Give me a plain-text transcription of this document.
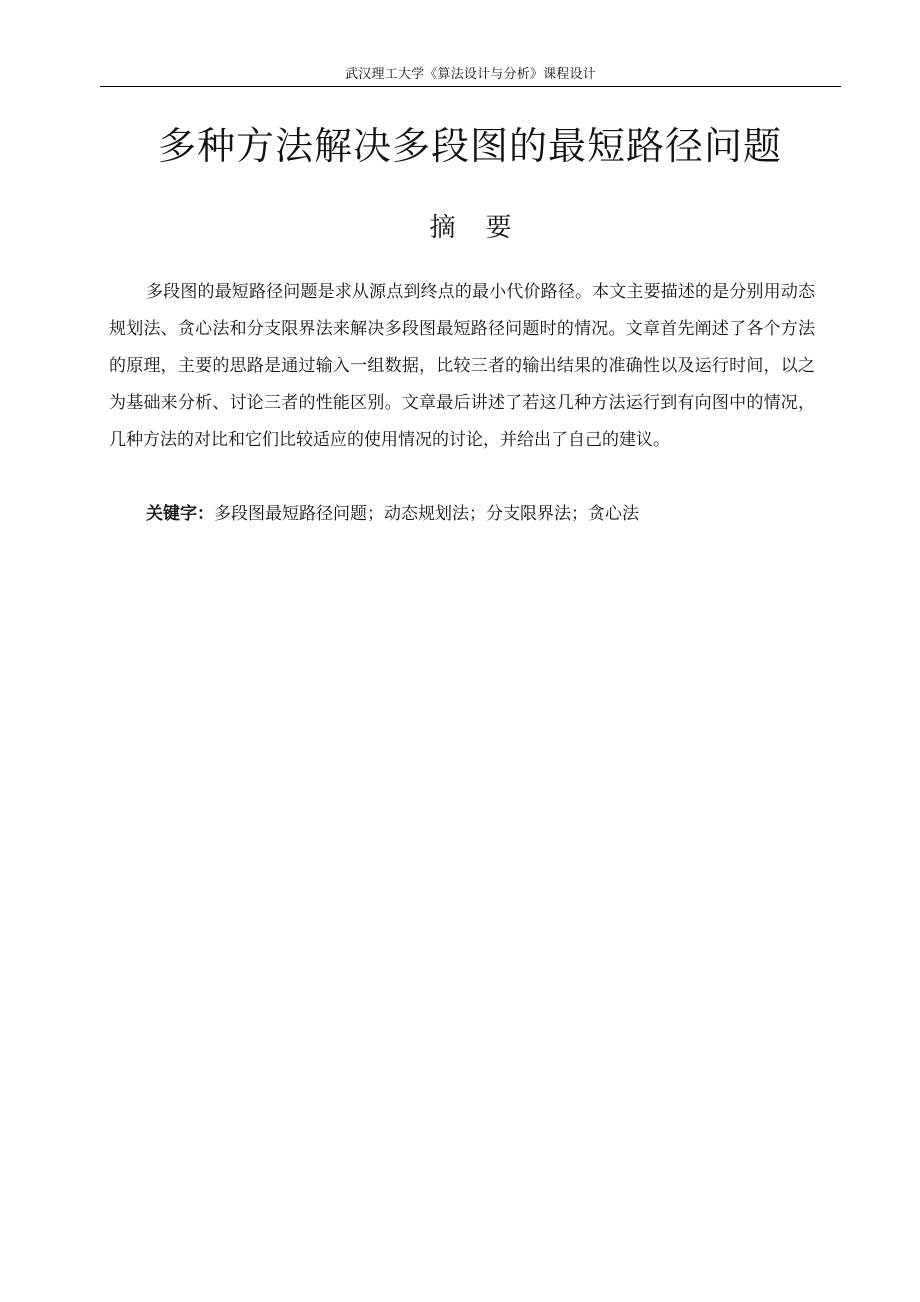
武汉理工大学《算法设计与分析》课程设计
多种方法解决多段图的最短路径问题
摘 要

多段图的最短路径问题是求从源点到终点的最小代价路径。本文主要描述的是分别用动态规划法、贪心法和分支限界法来解决多段图最短路径问题时的情况。文章首先阐述了各个方法的原理，主要的思路是通过输入一组数据，比较三者的输出结果的准确性以及运行时间，以之为基础来分析、讨论三者的性能区别。文章最后讲述了若这几种方法运行到有向图中的情况，几种方法的对比和它们比较适应的使用情况的讨论，并给出了自己的建议。

关键字：多段图最短路径问题；动态规划法；分支限界法；贪心法
